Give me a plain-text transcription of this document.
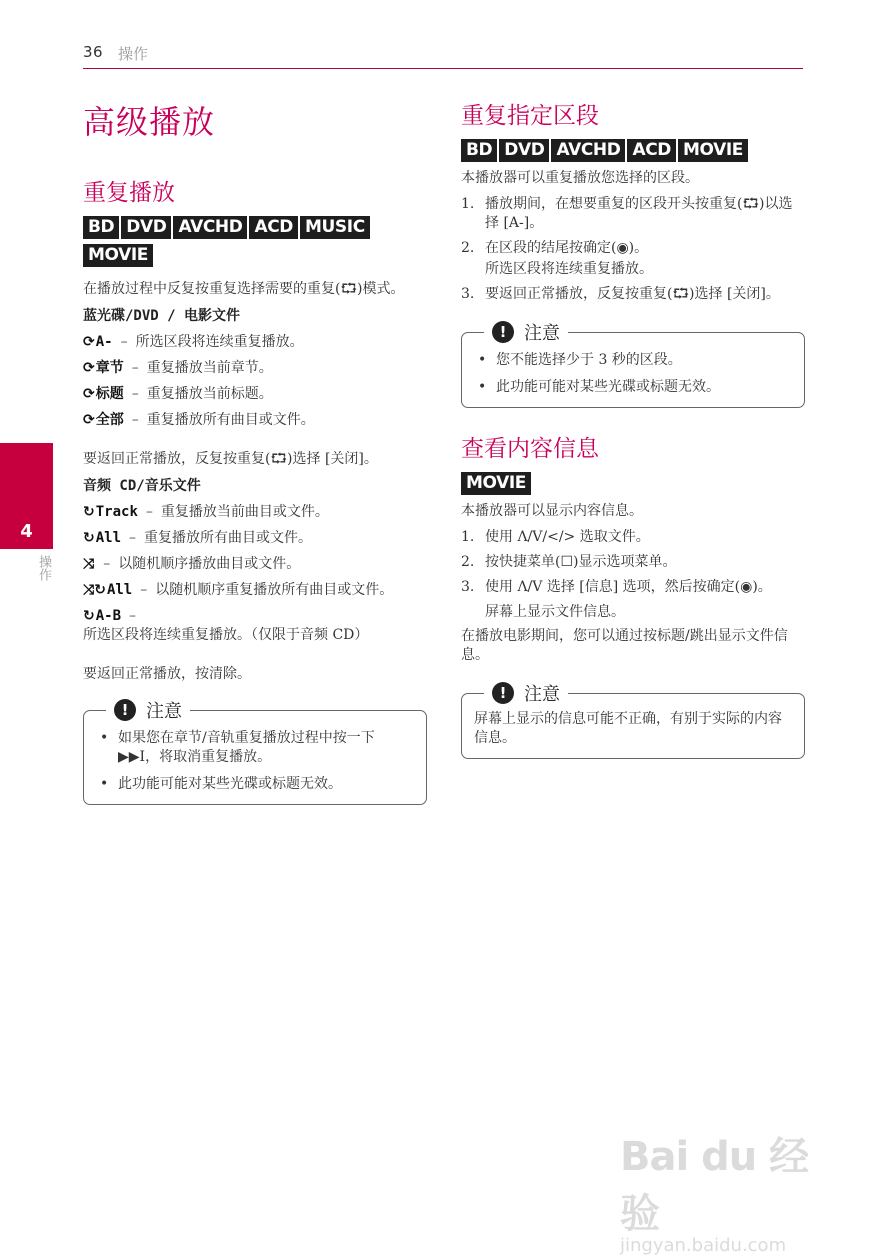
36 操作
4
操作
高级播放
重复播放
BD DVD AVCHD ACD MUSIC
MOVIE

在播放过程中反复按重复选择需要的重复(⮔)模式。

蓝光碟/DVD / 电影文件

⟳A- – 所选区段将连续重复播放。

⟳章节 – 重复播放当前章节。

⟳标题 – 重复播放当前标题。

⟳全部 – 重复播放所有曲目或文件。

要返回正常播放，反复按重复(⮔)选择 [关闭]。

音频 CD/音乐文件

↻Track – 重复播放当前曲目或文件。

↻All – 重复播放所有曲目或文件。

⤨ – 以随机顺序播放曲目或文件。

⤨↻All – 以随机顺序重复播放所有曲目或文件。

↻A-B –所选区段将连续重复播放。（仅限于音频 CD）

要返回正常播放，按清除。

! 注意
• 如果您在章节/音轨重复播放过程中按一下 ▶▶I，将取消重复播放。
• 此功能可能对某些光碟或标题无效。
重复指定区段
BD DVD AVCHD ACD MOVIE

本播放器可以重复播放您选择的区段。

1. 播放期间，在想要重复的区段开头按重复(⮔)以选择 [A-]。
2. 在区段的结尾按确定(◉)。
所选区段将连续重复播放。
3. 要返回正常播放，反复按重复(⮔)选择 [关闭]。
! 注意
• 您不能选择少于 3 秒的区段。
• 此功能可能对某些光碟或标题无效。
查看内容信息
MOVIE

本播放器可以显示内容信息。

1. 使用 Λ/V/</> 选取文件。
2. 按快捷菜单(☐)显示选项菜单。
3. 使用 Λ/V 选择 [信息] 选项，然后按确定(◉)。

屏幕上显示文件信息。

在播放电影期间，您可以通过按标题/跳出显示文件信息。

! 注意

屏幕上显示的信息可能不正确，有别于实际的内容信息。

Bai du 经验
jingyan.baidu.com
